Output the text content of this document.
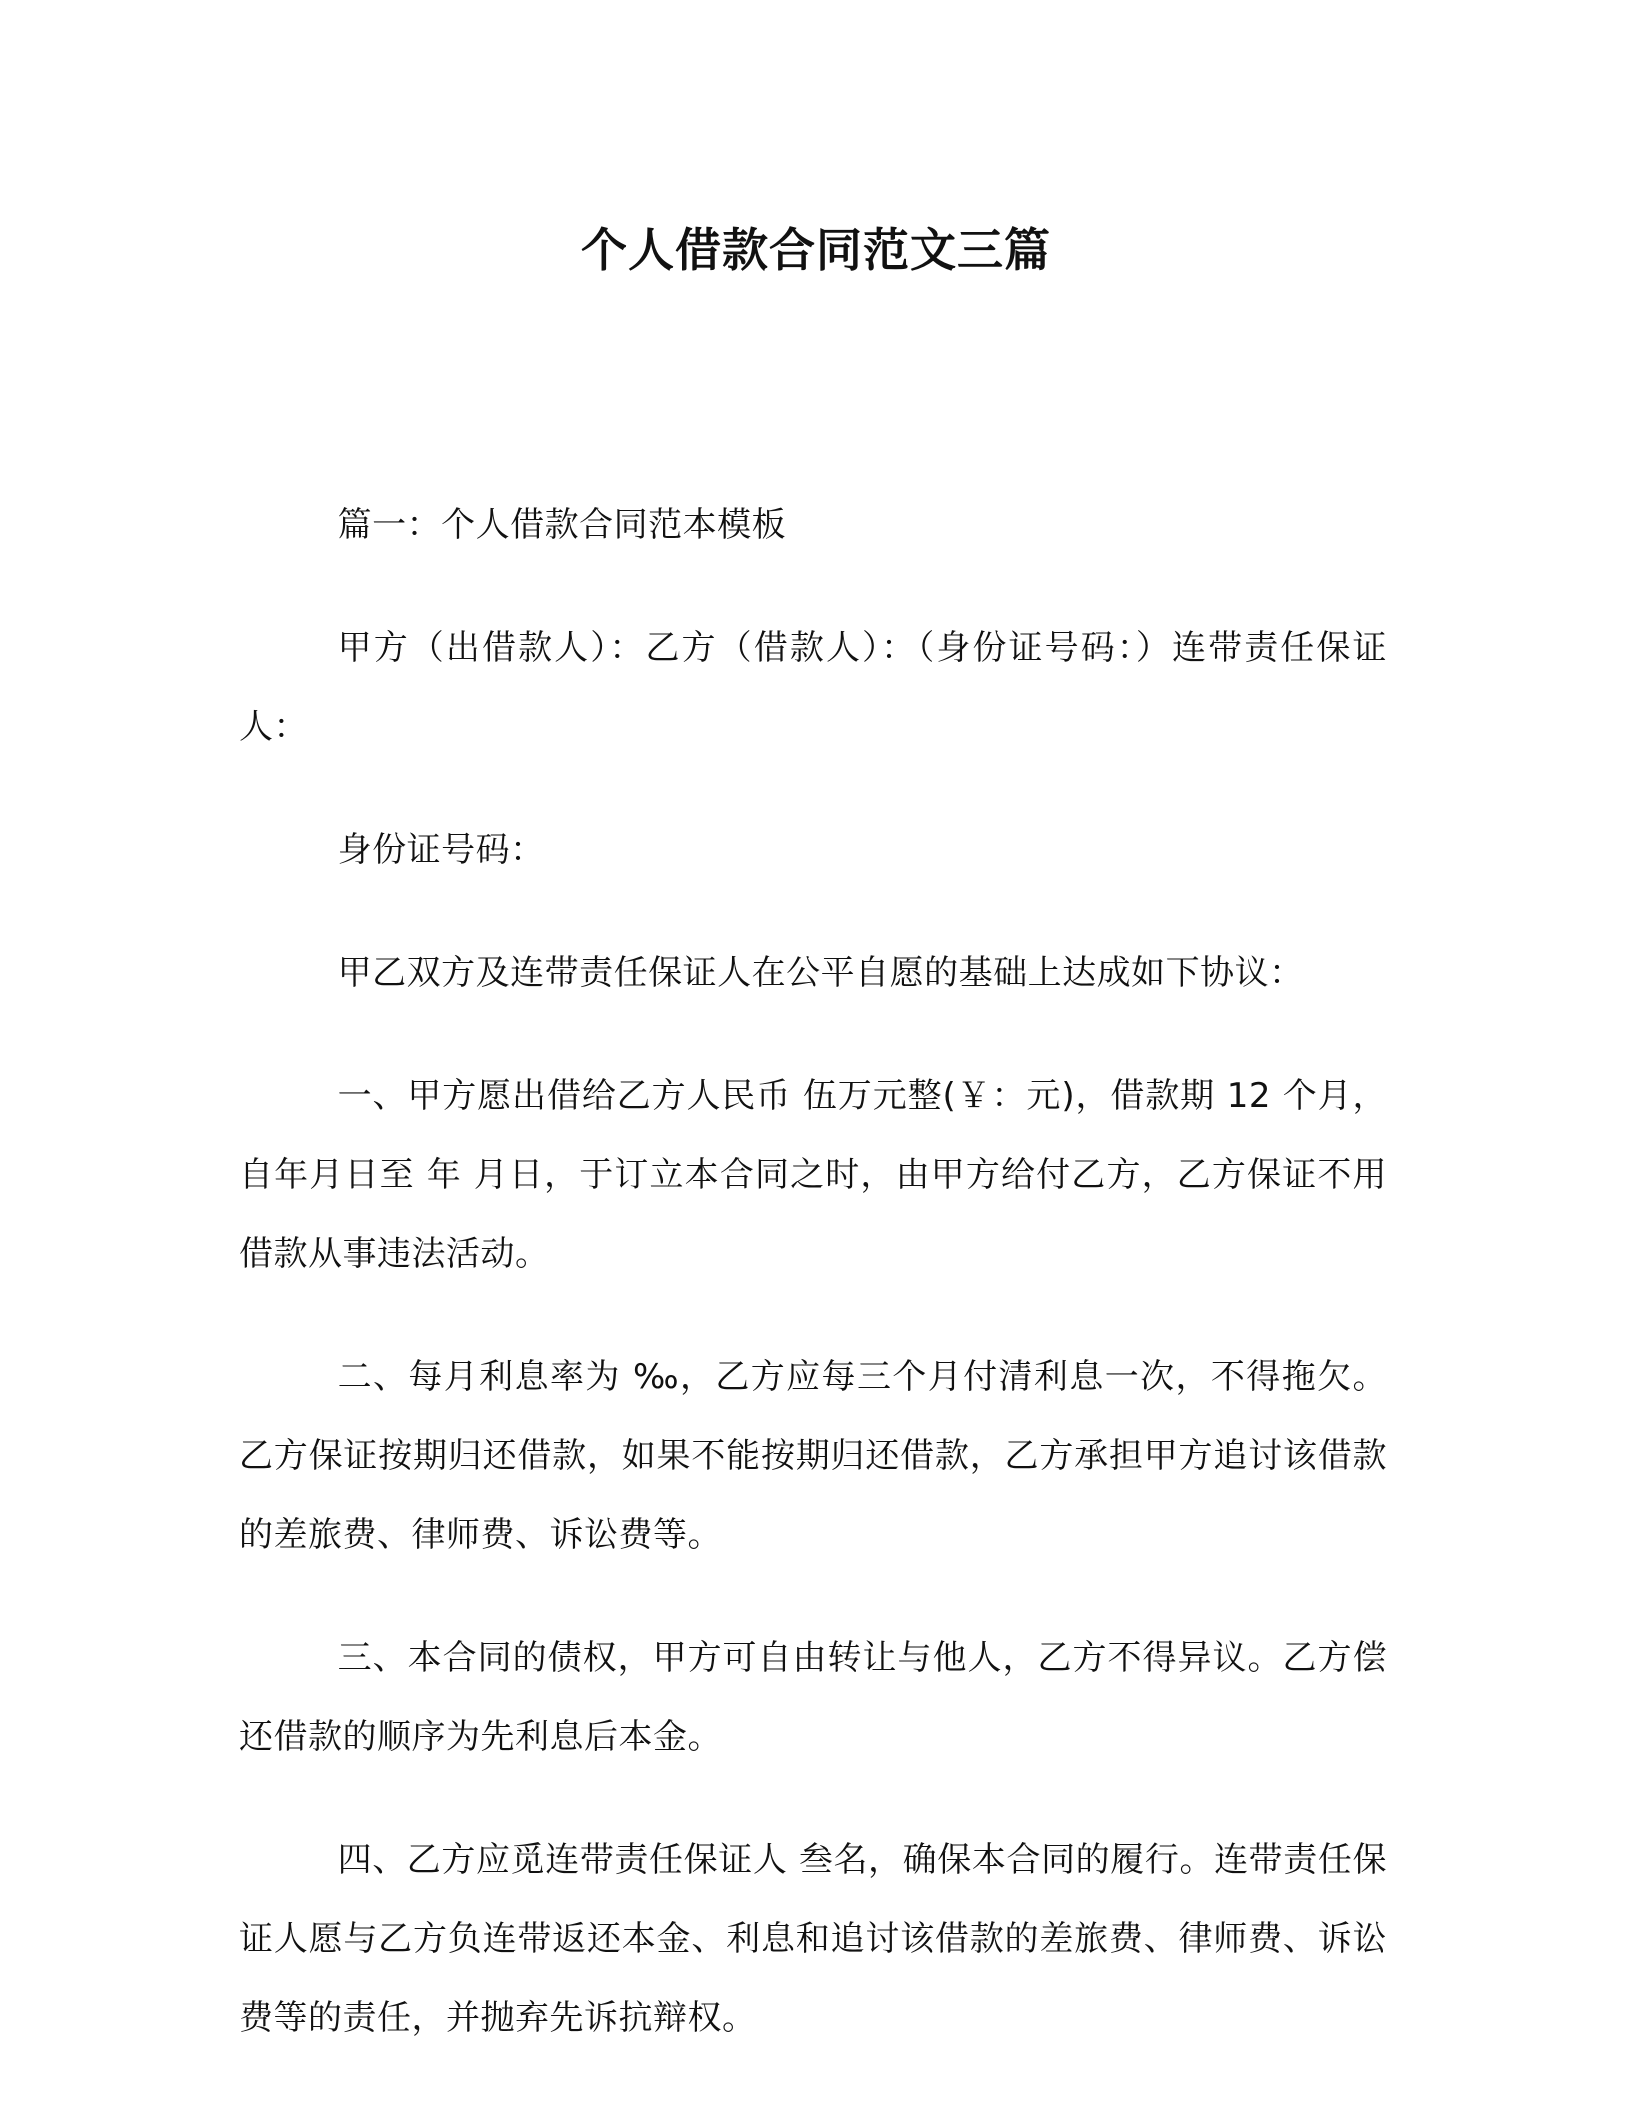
个人借款合同范文三篇

篇一：个人借款合同范本模板

甲方（出借款人）：乙方（借款人）：（身份证号码：）连带责任保证人：

身份证号码：

甲乙双方及连带责任保证人在公平自愿的基础上达成如下协议：

一、甲方愿出借给乙方人民币 伍万元整(￥：元)，借款期 12 个月，自年月日至 年 月日，于订立本合同之时，由甲方给付乙方，乙方保证不用借款从事违法活动。

二、每月利息率为 ‰，乙方应每三个月付清利息一次，不得拖欠。乙方保证按期归还借款，如果不能按期归还借款，乙方承担甲方追讨该借款的差旅费、律师费、诉讼费等。

三、本合同的债权，甲方可自由转让与他人，乙方不得异议。乙方偿还借款的顺序为先利息后本金。

四、乙方应觅连带责任保证人 叁名，确保本合同的履行。连带责任保证人愿与乙方负连带返还本金、利息和追讨该借款的差旅费、律师费、诉讼费等的责任，并抛弃先诉抗辩权。
